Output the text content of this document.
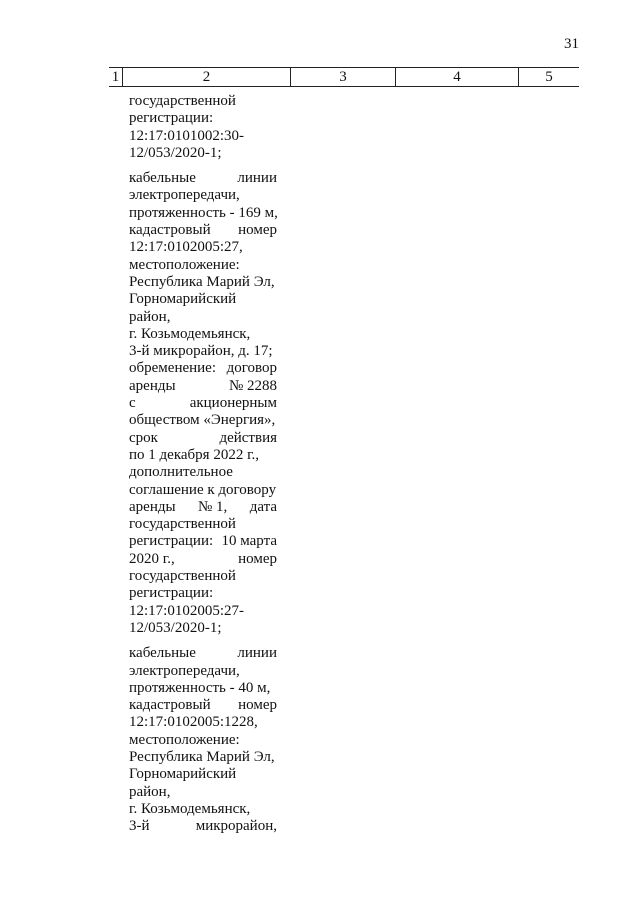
31
1	2	3	4	5
государственной
регистрации:
12:17:0101002:30-
12/053/2020-1;
кабельные	линии
электропередачи,
протяженность - 169 м,
кадастровый номер
12:17:0102005:27,
местоположение:
Республика Марий Эл,
Горномарийский
район,
г. Козьмодемьянск,
3-й микрорайон, д. 17;
обременение: договор
аренды	№ 2288
с	акционерным
обществом «Энергия»,
срок	действия
по 1 декабря 2022 г.,
дополнительное
соглашение к договору
аренды № 1, дата
государственной
регистрации: 10 марта
2020 г.,	номер
государственной
регистрации:
12:17:0102005:27-
12/053/2020-1;
кабельные	линии
электропередачи,
протяженность - 40 м,
кадастровый номер
12:17:0102005:1228,
местоположение:
Республика Марий Эл,
Горномарийский
район,
г. Козьмодемьянск,
3-й	микрорайон,
